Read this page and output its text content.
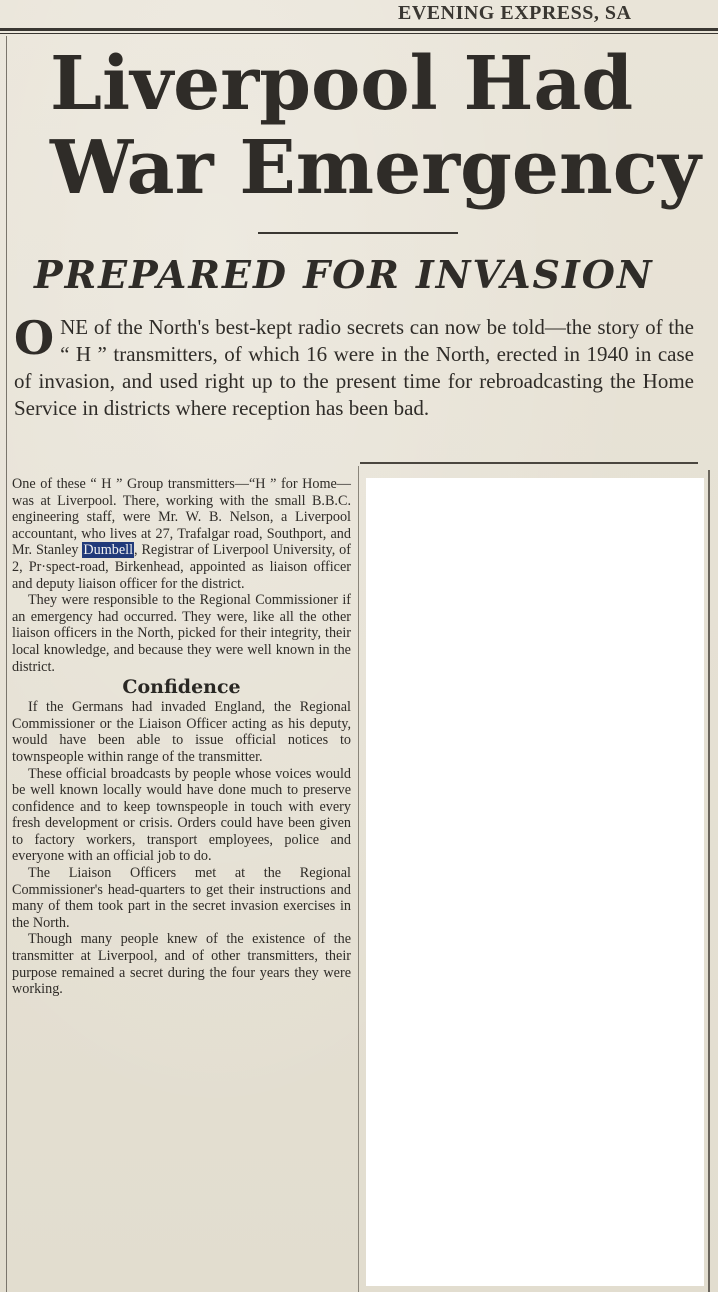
EVENING EXPRESS, SA
Liverpool Had
War Emergency
PREPARED FOR INVASION
O NE of the North's best-kept radio secrets can now be told—the story of the “ H ” transmitters, of which 16 were in the North, erected in 1940 in case of invasion, and used right up to the present time for rebroadcasting the Home Service in districts where reception has been bad.

One of these “ H ” Group transmitters—“H ” for Home—was at Liverpool. There, working with the small B.B.C. engineering staff, were Mr. W. B. Nelson, a Liverpool accountant, who lives at 27, Trafalgar road, Southport, and Mr. Stanley Dumbell, Registrar of Liverpool University, of 2, Pr·spect-road, Birkenhead, appointed as liaison officer and deputy liaison officer for the district.

They were responsible to the Regional Commissioner if an emergency had occurred. They were, like all the other liaison officers in the North, picked for their integrity, their local knowledge, and because they were well known in the district.

Confidence

If the Germans had invaded England, the Regional Commissioner or the Liaison Officer acting as his deputy, would have been able to issue official notices to townspeople within range of the transmitter.

These official broadcasts by people whose voices would be well known locally would have done much to preserve confidence and to keep townspeople in touch with every fresh development or crisis. Orders could have been given to factory workers, transport employees, police and everyone with an official job to do.

The Liaison Officers met at the Regional Commissioner's head-quarters to get their instructions and many of them took part in the secret invasion exercises in the North.

Though many people knew of the existence of the transmitter at Liverpool, and of other transmitters, their purpose remained a secret during the four years they were working.
